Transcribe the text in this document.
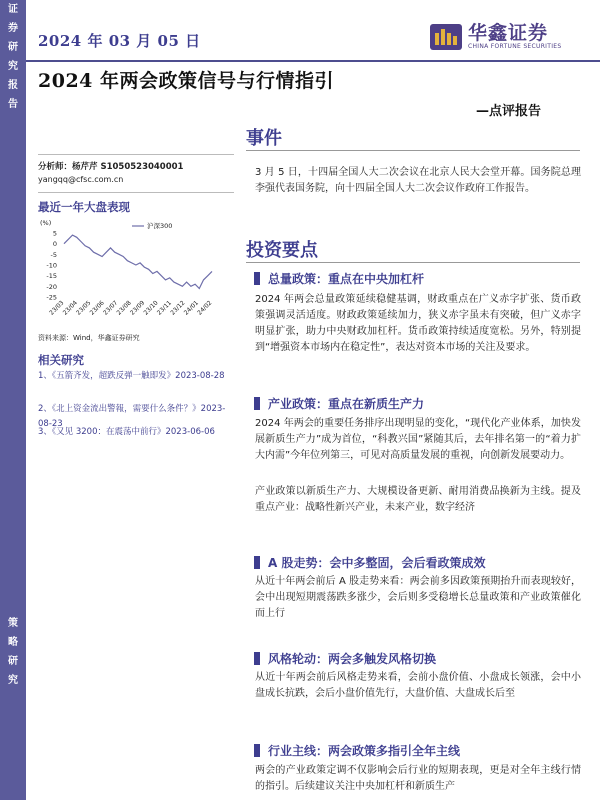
证
券
研
究
报
告
策
略
研
究
2024 年 03 月 05 日	华鑫证券
CHINA FORTUNE SECURITIES
2024 年两会政策信号与行情指引
—点评报告
分析师：杨芹芹 S1050523040001
yangqq@cfsc.com.cn
最近一年大盘表现
(%)
5
0
-5
-10
-15
-20
-25
沪深300
23/03
23/04
23/05
23/06
23/07
23/08
23/09
23/10
23/11
23/12
24/01
24/02
资料来源：Wind，华鑫证券研究
相关研究
1、《五箭齐发，超跌反弹一触即发》2023-08-28
2、《北上资金流出警報，需要什么条件？》2023-08-23
3、《又见 3200：在震荡中前行》2023-06-06
事件
3 月 5 日，十四届全国人大二次会议在北京人民大会堂开幕。国务院总理李强代表国务院，向十四届全国人大二次会议作政府工作报告。
投资要点
总量政策：重点在中央加杠杆
2024 年两会总量政策延续稳健基调，财政重点在广义赤字扩张、货币政策强调灵活适度。财政政策延续加力，狭义赤字虽未有突破，但广义赤字明显扩张，助力中央财政加杠杆。货币政策持续适度宽松。另外，特别提到“增强资本市场内在稳定性”，表达对资本市场的关注及要求。
产业政策：重点在新质生产力
2024 年两会的重要任务排序出现明显的变化，“现代化产业体系，加快发展新质生产力”成为首位，“科教兴国”紧随其后，去年排名第一的“着力扩大内需”今年位列第三，可见对高质量发展的重视，向创新发展要动力。
产业政策以新质生产力、大规模设备更新、耐用消费品换新为主线。提及重点产业：战略性新兴产业，未来产业，数字经济
A 股走势：会中多整固，会后看政策成效
从近十年两会前后 A 股走势来看：两会前多因政策预期抬升而表现较好，会中出现短期震荡跌多涨少，会后则多受稳增长总量政策和产业政策催化而上行
风格轮动：两会多触发风格切换
从近十年两会前后风格走势来看，会前小盘价值、小盘成长领涨，会中小盘成长抗跌，会后小盘价值先行，大盘价值、大盘成长后至
行业主线：两会政策多指引全年主线
两会的产业政策定调不仅影响会后行业的短期表现，更是对全年主线行情的指引。后续建议关注中央加杠杆和新质生产
